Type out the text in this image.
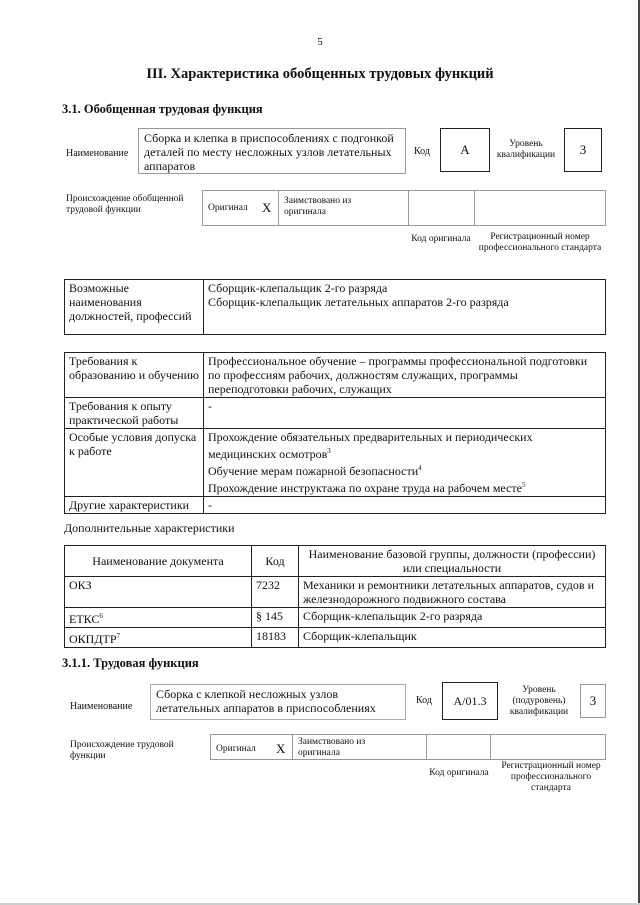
5
III. Характеристика обобщенных трудовых функций
3.1. Обобщенная трудовая функция
Наименование
Сборка и клепка в приспособлениях с подгонкой деталей по месту несложных узлов летательных аппаратов
Код	А	Уровень квалификации	3
Происхождение обобщенной трудовой функции	Оригинал X Заимствовано из оригинала
Код оригинала	Регистрационный номер профессионального стандарта
Возможные наименования должностей, профессий	
Сборщик-клепальщик 2-го разряда
Сборщик-клепальщик летательных аппаратов 2-го разряда
Требования к образованию и обучению	Профессиональное обучение – программы профессиональной подготовки по профессиям рабочих, должностям служащих, программы переподготовки рабочих, служащих
Требования к опыту практической работы	-
Особые условия допуска к работе	Прохождение обязательных предварительных и периодических медицинских осмотров$^3$
Обучение мерам пожарной безопасности$^4$
Прохождение инструктажа по охране труда на рабочем месте$^5$

Другие характеристики	-
Дополнительные характеристики
Наименование документа	Код	Наименование базовой группы, должности (профессии) или специальности
ОКЗ	7232	Механики и ремонтники летательных аппаратов, судов и железнодорожного подвижного состава
ЕТКС$^6$	§ 145	Сборщик-клепальщик 2-го разряда
ОКПДТР$^7$	18183	Сборщик-клепальщик
3.1.1. Трудовая функция
Наименование
Сборка с клепкой несложных узлов летательных аппаратов в приспособлениях
Код	А/01.3
Уровень (подуровень) квалификации
3
Происхождение трудовой функции
Оригинал X Заимствовано из оригинала
Код оригинала
Регистрационный номер профессионального стандарта
